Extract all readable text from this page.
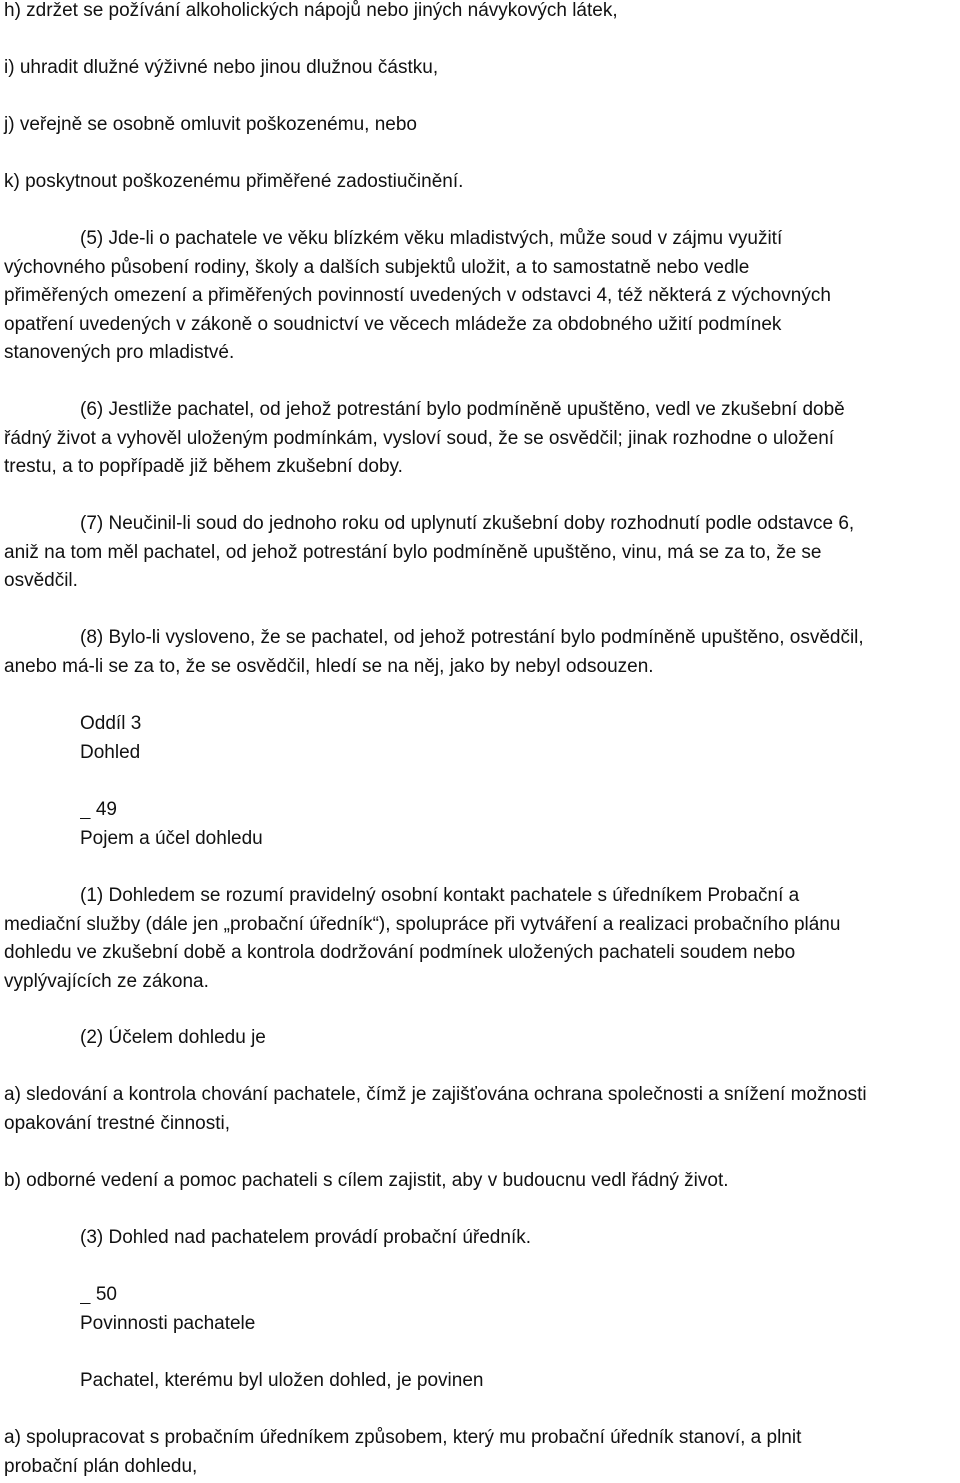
h) zdržet se požívání alkoholických nápojů nebo jiných návykových látek,

i) uhradit dlužné výživné nebo jinou dlužnou částku,

j) veřejně se osobně omluvit poškozenému, nebo

k) poskytnout poškozenému přiměřené zadostiučinění.

(5) Jde-li o pachatele ve věku blízkém věku mladistvých, může soud v zájmu využití
výchovného působení rodiny, školy a dalších subjektů uložit, a to samostatně nebo vedle
přiměřených omezení a přiměřených povinností uvedených v odstavci 4, též některá z výchovných
opatření uvedených v zákoně o soudnictví ve věcech mládeže za obdobného užití podmínek
stanovených pro mladistvé.

(6) Jestliže pachatel, od jehož potrestání bylo podmíněně upuštěno, vedl ve zkušební době
řádný život a vyhověl uloženým podmínkám, vysloví soud, že se osvědčil; jinak rozhodne o uložení
trestu, a to popřípadě již během zkušební doby.

(7) Neučinil-li soud do jednoho roku od uplynutí zkušební doby rozhodnutí podle odstavce 6,
aniž na tom měl pachatel, od jehož potrestání bylo podmíněně upuštěno, vinu, má se za to, že se
osvědčil.

(8) Bylo-li vysloveno, že se pachatel, od jehož potrestání bylo podmíněně upuštěno, osvědčil,
anebo má-li se za to, že se osvědčil, hledí se na něj, jako by nebyl odsouzen.

Oddíl 3
Dohled

49
Pojem a účel dohledu

(1) Dohledem se rozumí pravidelný osobní kontakt pachatele s úředníkem Probační a
mediační služby (dále jen „probační úředník“), spolupráce při vytváření a realizaci probačního plánu
dohledu ve zkušební době a kontrola dodržování podmínek uložených pachateli soudem nebo
vyplývajících ze zákona.

(2) Účelem dohledu je

a) sledování a kontrola chování pachatele, čímž je zajišťována ochrana společnosti a snížení možnosti
opakování trestné činnosti,

b) odborné vedení a pomoc pachateli s cílem zajistit, aby v budoucnu vedl řádný život.

(3) Dohled nad pachatelem provádí probační úředník.

50
Povinnosti pachatele

Pachatel, kterému byl uložen dohled, je povinen

a) spolupracovat s probačním úředníkem způsobem, který mu probační úředník stanoví, a plnit
probační plán dohledu,
